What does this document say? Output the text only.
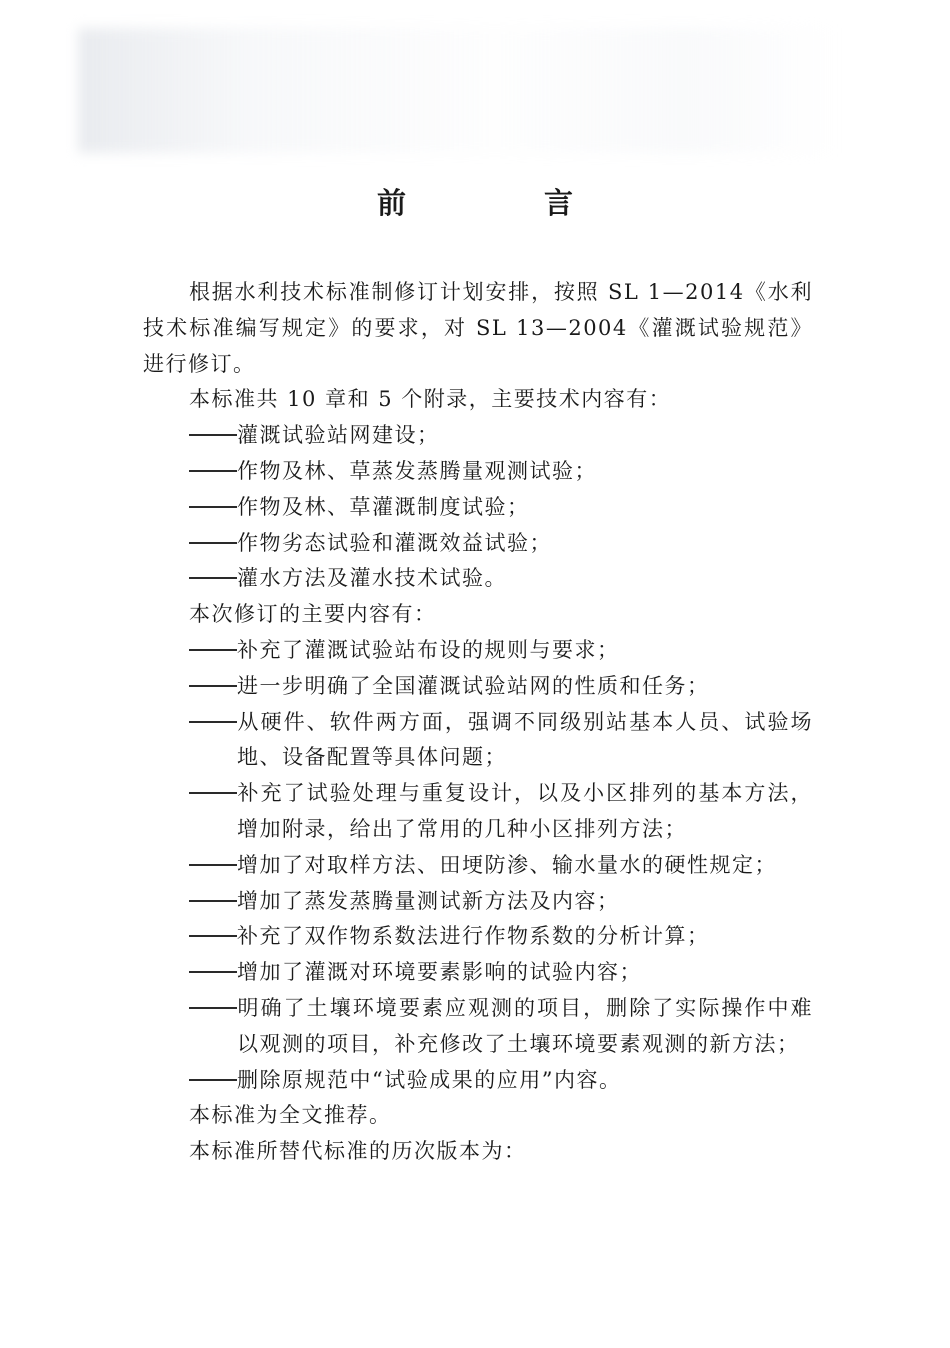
前 言

根据水利技术标准制修订计划安排，按照 SL 1—2014《水利技术标准编写规定》的要求，对 SL 13—2004《灌溉试验规范》进行修订。

本标准共 10 章和 5 个附录，主要技术内容有：

灌溉试验站网建设；

作物及林、草蒸发蒸腾量观测试验；

作物及林、草灌溉制度试验；

作物劣态试验和灌溉效益试验；

灌水方法及灌水技术试验。

本次修订的主要内容有：

补充了灌溉试验站布设的规则与要求；

进一步明确了全国灌溉试验站网的性质和任务；

从硬件、软件两方面，强调不同级别站基本人员、试验场地、设备配置等具体问题；

补充了试验处理与重复设计，以及小区排列的基本方法，增加附录，给出了常用的几种小区排列方法；

增加了对取样方法、田埂防渗、输水量水的硬性规定；

增加了蒸发蒸腾量测试新方法及内容；

补充了双作物系数法进行作物系数的分析计算；

增加了灌溉对环境要素影响的试验内容；

明确了土壤环境要素应观测的项目，删除了实际操作中难以观测的项目，补充修改了土壤环境要素观测的新方法；

删除原规范中“试验成果的应用”内容。

本标准为全文推荐。

本标准所替代标准的历次版本为：
